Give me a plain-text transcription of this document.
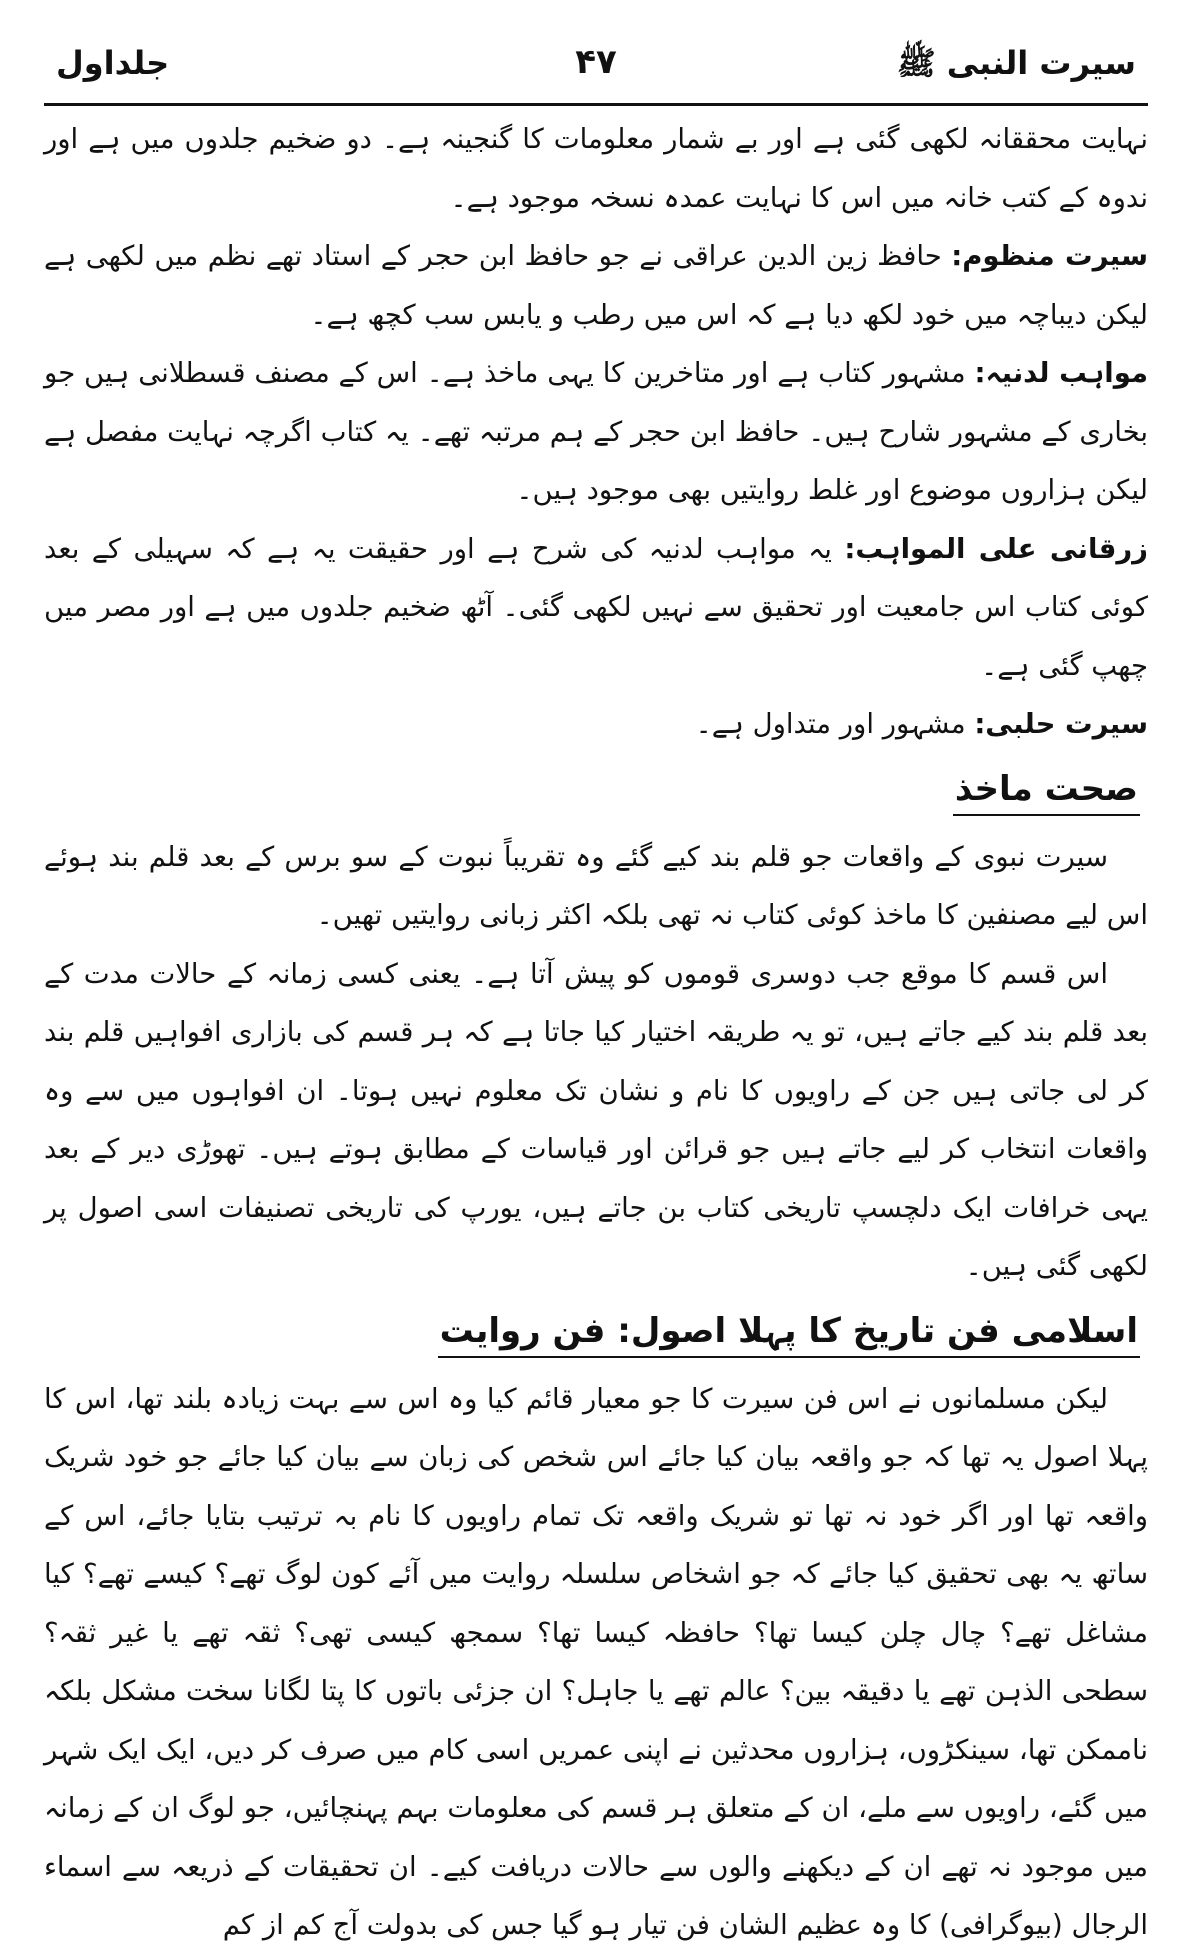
سیرت النبی ﷺ
۴۷
جلداول

نہایت محققانہ لکھی گئی ہے اور بے شمار معلومات کا گنجینہ ہے۔ دو ضخیم جلدوں میں ہے اور ندوہ کے کتب خانہ میں اس کا نہایت عمدہ نسخہ موجود ہے۔

سیرت منظوم: حافظ زین الدین عراقی نے جو حافظ ابن حجر کے استاد تھے نظم میں لکھی ہے لیکن دیباچہ میں خود لکھ دیا ہے کہ اس میں رطب و یابس سب کچھ ہے۔

مواہب لدنیہ: مشہور کتاب ہے اور متاخرین کا یہی ماخذ ہے۔ اس کے مصنف قسطلانی ہیں جو بخاری کے مشہور شارح ہیں۔ حافظ ابن حجر کے ہم مرتبہ تھے۔ یہ کتاب اگرچہ نہایت مفصل ہے لیکن ہزاروں موضوع اور غلط روایتیں بھی موجود ہیں۔

زرقانی علی المواہب: یہ مواہب لدنیہ کی شرح ہے اور حقیقت یہ ہے کہ سہیلی کے بعد کوئی کتاب اس جامعیت اور تحقیق سے نہیں لکھی گئی۔ آٹھ ضخیم جلدوں میں ہے اور مصر میں چھپ گئی ہے۔

سیرت حلبی: مشہور اور متداول ہے۔

صحت ماخذ

سیرت نبوی کے واقعات جو قلم بند کیے گئے وہ تقریباً نبوت کے سو برس کے بعد قلم بند ہوئے اس لیے مصنفین کا ماخذ کوئی کتاب نہ تھی بلکہ اکثر زبانی روایتیں تھیں۔

اس قسم کا موقع جب دوسری قوموں کو پیش آتا ہے۔ یعنی کسی زمانہ کے حالات مدت کے بعد قلم بند کیے جاتے ہیں، تو یہ طریقہ اختیار کیا جاتا ہے کہ ہر قسم کی بازاری افواہیں قلم بند کر لی جاتی ہیں جن کے راویوں کا نام و نشان تک معلوم نہیں ہوتا۔ ان افواہوں میں سے وہ واقعات انتخاب کر لیے جاتے ہیں جو قرائن اور قیاسات کے مطابق ہوتے ہیں۔ تھوڑی دیر کے بعد یہی خرافات ایک دلچسپ تاریخی کتاب بن جاتے ہیں، یورپ کی تاریخی تصنیفات اسی اصول پر لکھی گئی ہیں۔

اسلامی فن تاریخ کا پہلا اصول: فن روایت

لیکن مسلمانوں نے اس فن سیرت کا جو معیار قائم کیا وہ اس سے بہت زیادہ بلند تھا، اس کا پہلا اصول یہ تھا کہ جو واقعہ بیان کیا جائے اس شخص کی زبان سے بیان کیا جائے جو خود شریک واقعہ تھا اور اگر خود نہ تھا تو شریک واقعہ تک تمام راویوں کا نام بہ ترتیب بتایا جائے، اس کے ساتھ یہ بھی تحقیق کیا جائے کہ جو اشخاص سلسلہ روایت میں آئے کون لوگ تھے؟ کیسے تھے؟ کیا مشاغل تھے؟ چال چلن کیسا تھا؟ حافظہ کیسا تھا؟ سمجھ کیسی تھی؟ ثقہ تھے یا غیر ثقہ؟ سطحی الذہن تھے یا دقیقہ بین؟ عالم تھے یا جاہل؟ ان جزئی باتوں کا پتا لگانا سخت مشکل بلکہ ناممکن تھا، سینکڑوں، ہزاروں محدثین نے اپنی عمریں اسی کام میں صرف کر دیں، ایک ایک شہر میں گئے، راویوں سے ملے، ان کے متعلق ہر قسم کی معلومات بہم پہنچائیں، جو لوگ ان کے زمانہ میں موجود نہ تھے ان کے دیکھنے والوں سے حالات دریافت کیے۔ ان تحقیقات کے ذریعہ سے اسماء الرجال (بیوگرافی) کا وہ عظیم الشان فن تیار ہو گیا جس کی بدولت آج کم از کم
